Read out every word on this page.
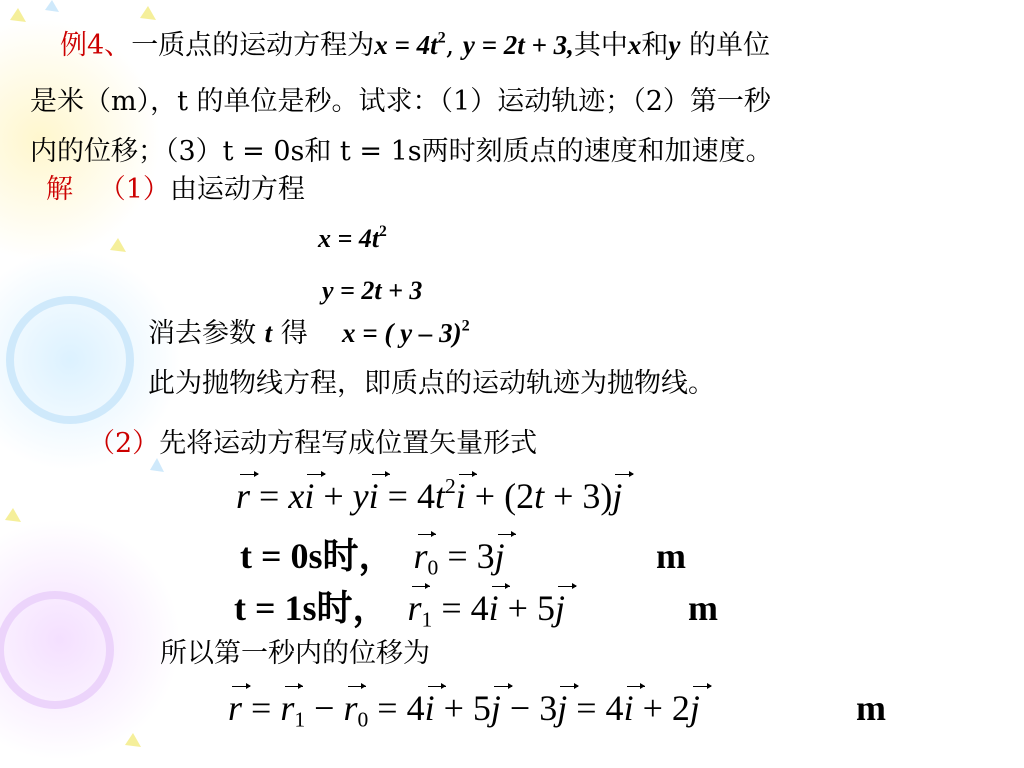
例4、一质点的运动方程为$x = 4t^2$, y = 2t + 3,其中x和y 的单位
是米（m），t 的单位是秒。试求：（1）运动轨迹；（2）第一秒
内的位移；（3）t = 0s和 t = 1s两时刻质点的速度和加速度。
解 （1）由运动方程
$x = 4t^2$
y = 2t + 3
消去参数 t 得 x = ( y – 3)$^2$
此为抛物线方程，即质点的运动轨迹为抛物线。
（2）先将运动方程写成位置矢量形式
r = xi + yi = $4t^2i + (2t + 3)j$
t = 0s时， $r_0 = 3j$	m
t = 1s时， $r_1 = 4i + 5j$	m
所以第一秒内的位移为
$r = r_1 - r_0 = 4i + 5j - 3j = 4i + 2j$	m
